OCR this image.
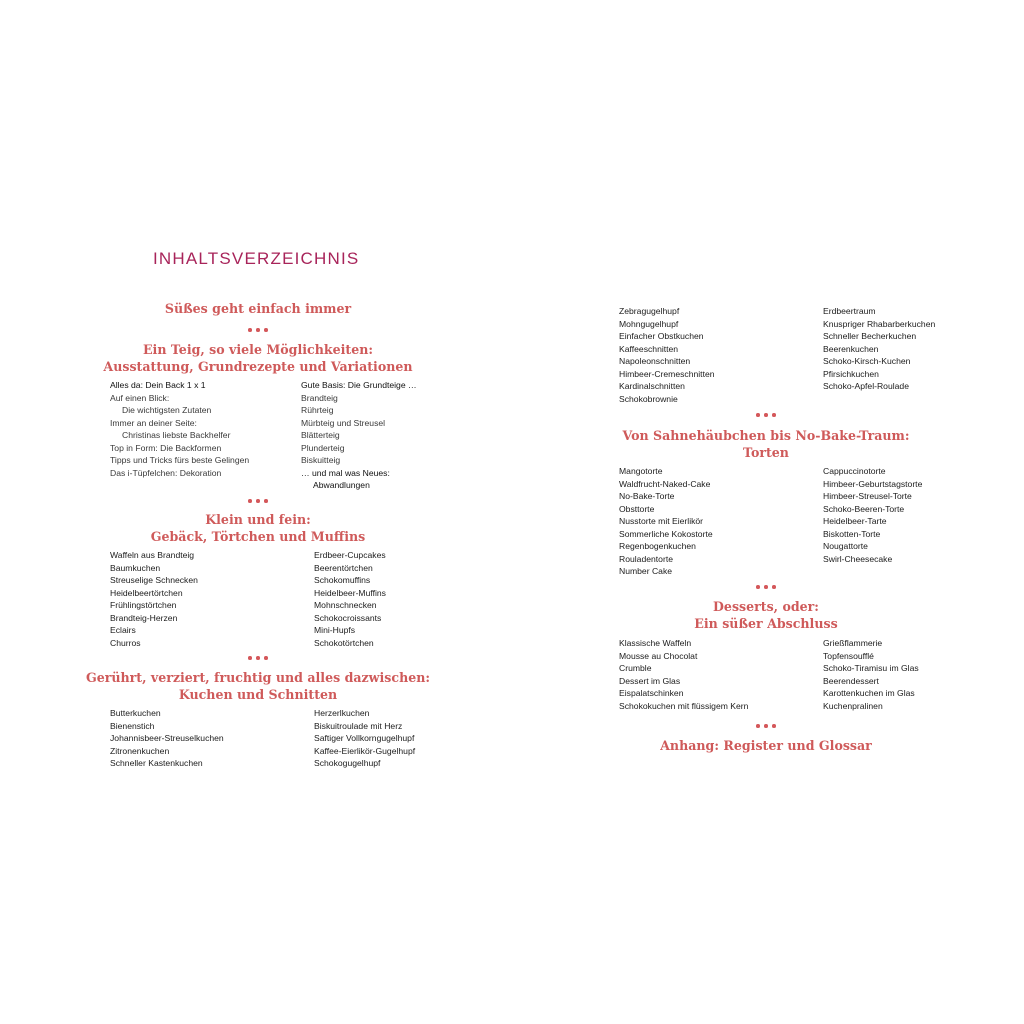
INHALTSVERZEICHNIS
Süßes geht einfach immer
Ein Teig, so viele Möglichkeiten:
Ausstattung, Grundrezepte und Variationen
Alles da: Dein Back 1 x 1
Auf einen Blick:
Die wichtigsten Zutaten
Immer an deiner Seite:
Christinas liebste Backhelfer
Top in Form: Die Backformen
Tipps und Tricks fürs beste Gelingen
Das i-Tüpfelchen: Dekoration
Gute Basis: Die Grundteige …
Brandteig
Rührteig
Mürbteig und Streusel
Blätterteig
Plunderteig
Biskuitteig
… und mal was Neues:
Abwandlungen
Klein und fein:
Gebäck, Törtchen und Muffins
Waffeln aus Brandteig
Baumkuchen
Streuselige Schnecken
Heidelbeertörtchen
Frühlingstörtchen
Brandteig-Herzen
Eclairs
Churros
Erdbeer-Cupcakes
Beerentörtchen
Schokomuffins
Heidelbeer-Muffins
Mohnschnecken
Schokocroissants
Mini-Hupfs
Schokotörtchen
Gerührt, verziert, fruchtig und alles dazwischen:
Kuchen und Schnitten
Butterkuchen
Bienenstich
Johannisbeer-Streuselkuchen
Zitronenkuchen
Schneller Kastenkuchen
Herzerlkuchen
Biskuitroulade mit Herz
Saftiger Vollkorngugelhupf
Kaffee-Eierlikör-Gugelhupf
Schokogugelhupf
Zebragugelhupf
Mohngugelhupf
Einfacher Obstkuchen
Kaffeeschnitten
Napoleonschnitten
Himbeer-Cremeschnitten
Kardinalschnitten
Schokobrownie
Erdbeertraum
Knuspriger Rhabarberkuchen
Schneller Becherkuchen
Beerenkuchen
Schoko-Kirsch-Kuchen
Pfirsichkuchen
Schoko-Apfel-Roulade
Von Sahnehäubchen bis No-Bake-Traum:
Torten
Mangotorte
Waldfrucht-Naked-Cake
No-Bake-Torte
Obsttorte
Nusstorte mit Eierlikör
Sommerliche Kokostorte
Regenbogenkuchen
Rouladentorte
Number Cake
Cappuccinotorte
Himbeer-Geburtstagstorte
Himbeer-Streusel-Torte
Schoko-Beeren-Torte
Heidelbeer-Tarte
Biskotten-Torte
Nougattorte
Swirl-Cheesecake
Desserts, oder:
Ein süßer Abschluss
Klassische Waffeln
Mousse au Chocolat
Crumble
Dessert im Glas
Eispalatschinken
Schokokuchen mit flüssigem Kern
Grießflammerie
Topfensoufflé
Schoko-Tiramisu im Glas
Beerendessert
Karottenkuchen im Glas
Kuchenpralinen
Anhang: Register und Glossar
